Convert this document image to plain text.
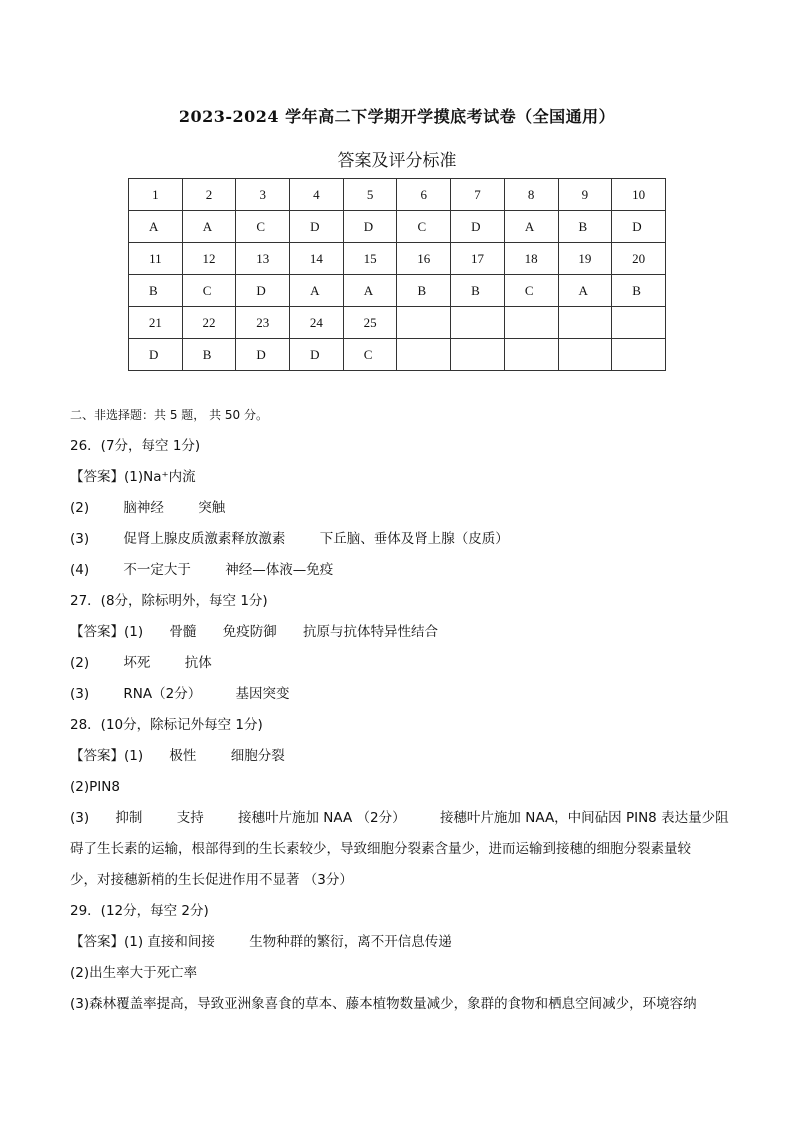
2023-2024 学年高二下学期开学摸底考试卷（全国通用）
答案及评分标准
1	2	3	4	5	6	7	8	9	10
A	A	C	D	D	C	D	A	B	D
11	12	13	14	15	16	17	18	19	20
B	C	D	A	A	B	B	C	A	B
21	22	23	24	25					
D	B	D	D	C					
二、非选择题：共 5 题， 共 50 分。
26．(7分，每空 1分)
【答案】(1)Na⁺内流
(2)	脑神经	突触
(3)	促肾上腺皮质激素释放激素	下丘脑、垂体及肾上腺（皮质）
(4)	不一定大于	神经—体液—免疫
27．(8分，除标明外，每空 1分)
【答案】(1) 骨髓 免疫防御 抗原与抗体特异性结合
(2)	坏死	抗体
(3)	RNA（2分）	基因突变
28．(10分，除标记外每空 1分)
【答案】(1) 极性	细胞分裂
(2)PIN8
(3) 抑制	支持	接穗叶片施加 NAA （2分）	接穗叶片施加 NAA，中间砧因 PIN8 表达量少阻
碍了生长素的运输，根部得到的生长素较少，导致细胞分裂素含量少，进而运输到接穗的细胞分裂素量较
少，对接穗新梢的生长促进作用不显著 （3分）
29．(12分，每空 2分)
【答案】(1) 直接和间接	生物种群的繁衍，离不开信息传递
(2)出生率大于死亡率
(3)森林覆盖率提高，导致亚洲象喜食的草本、藤本植物数量减少，象群的食物和栖息空间减少，环境容纳
